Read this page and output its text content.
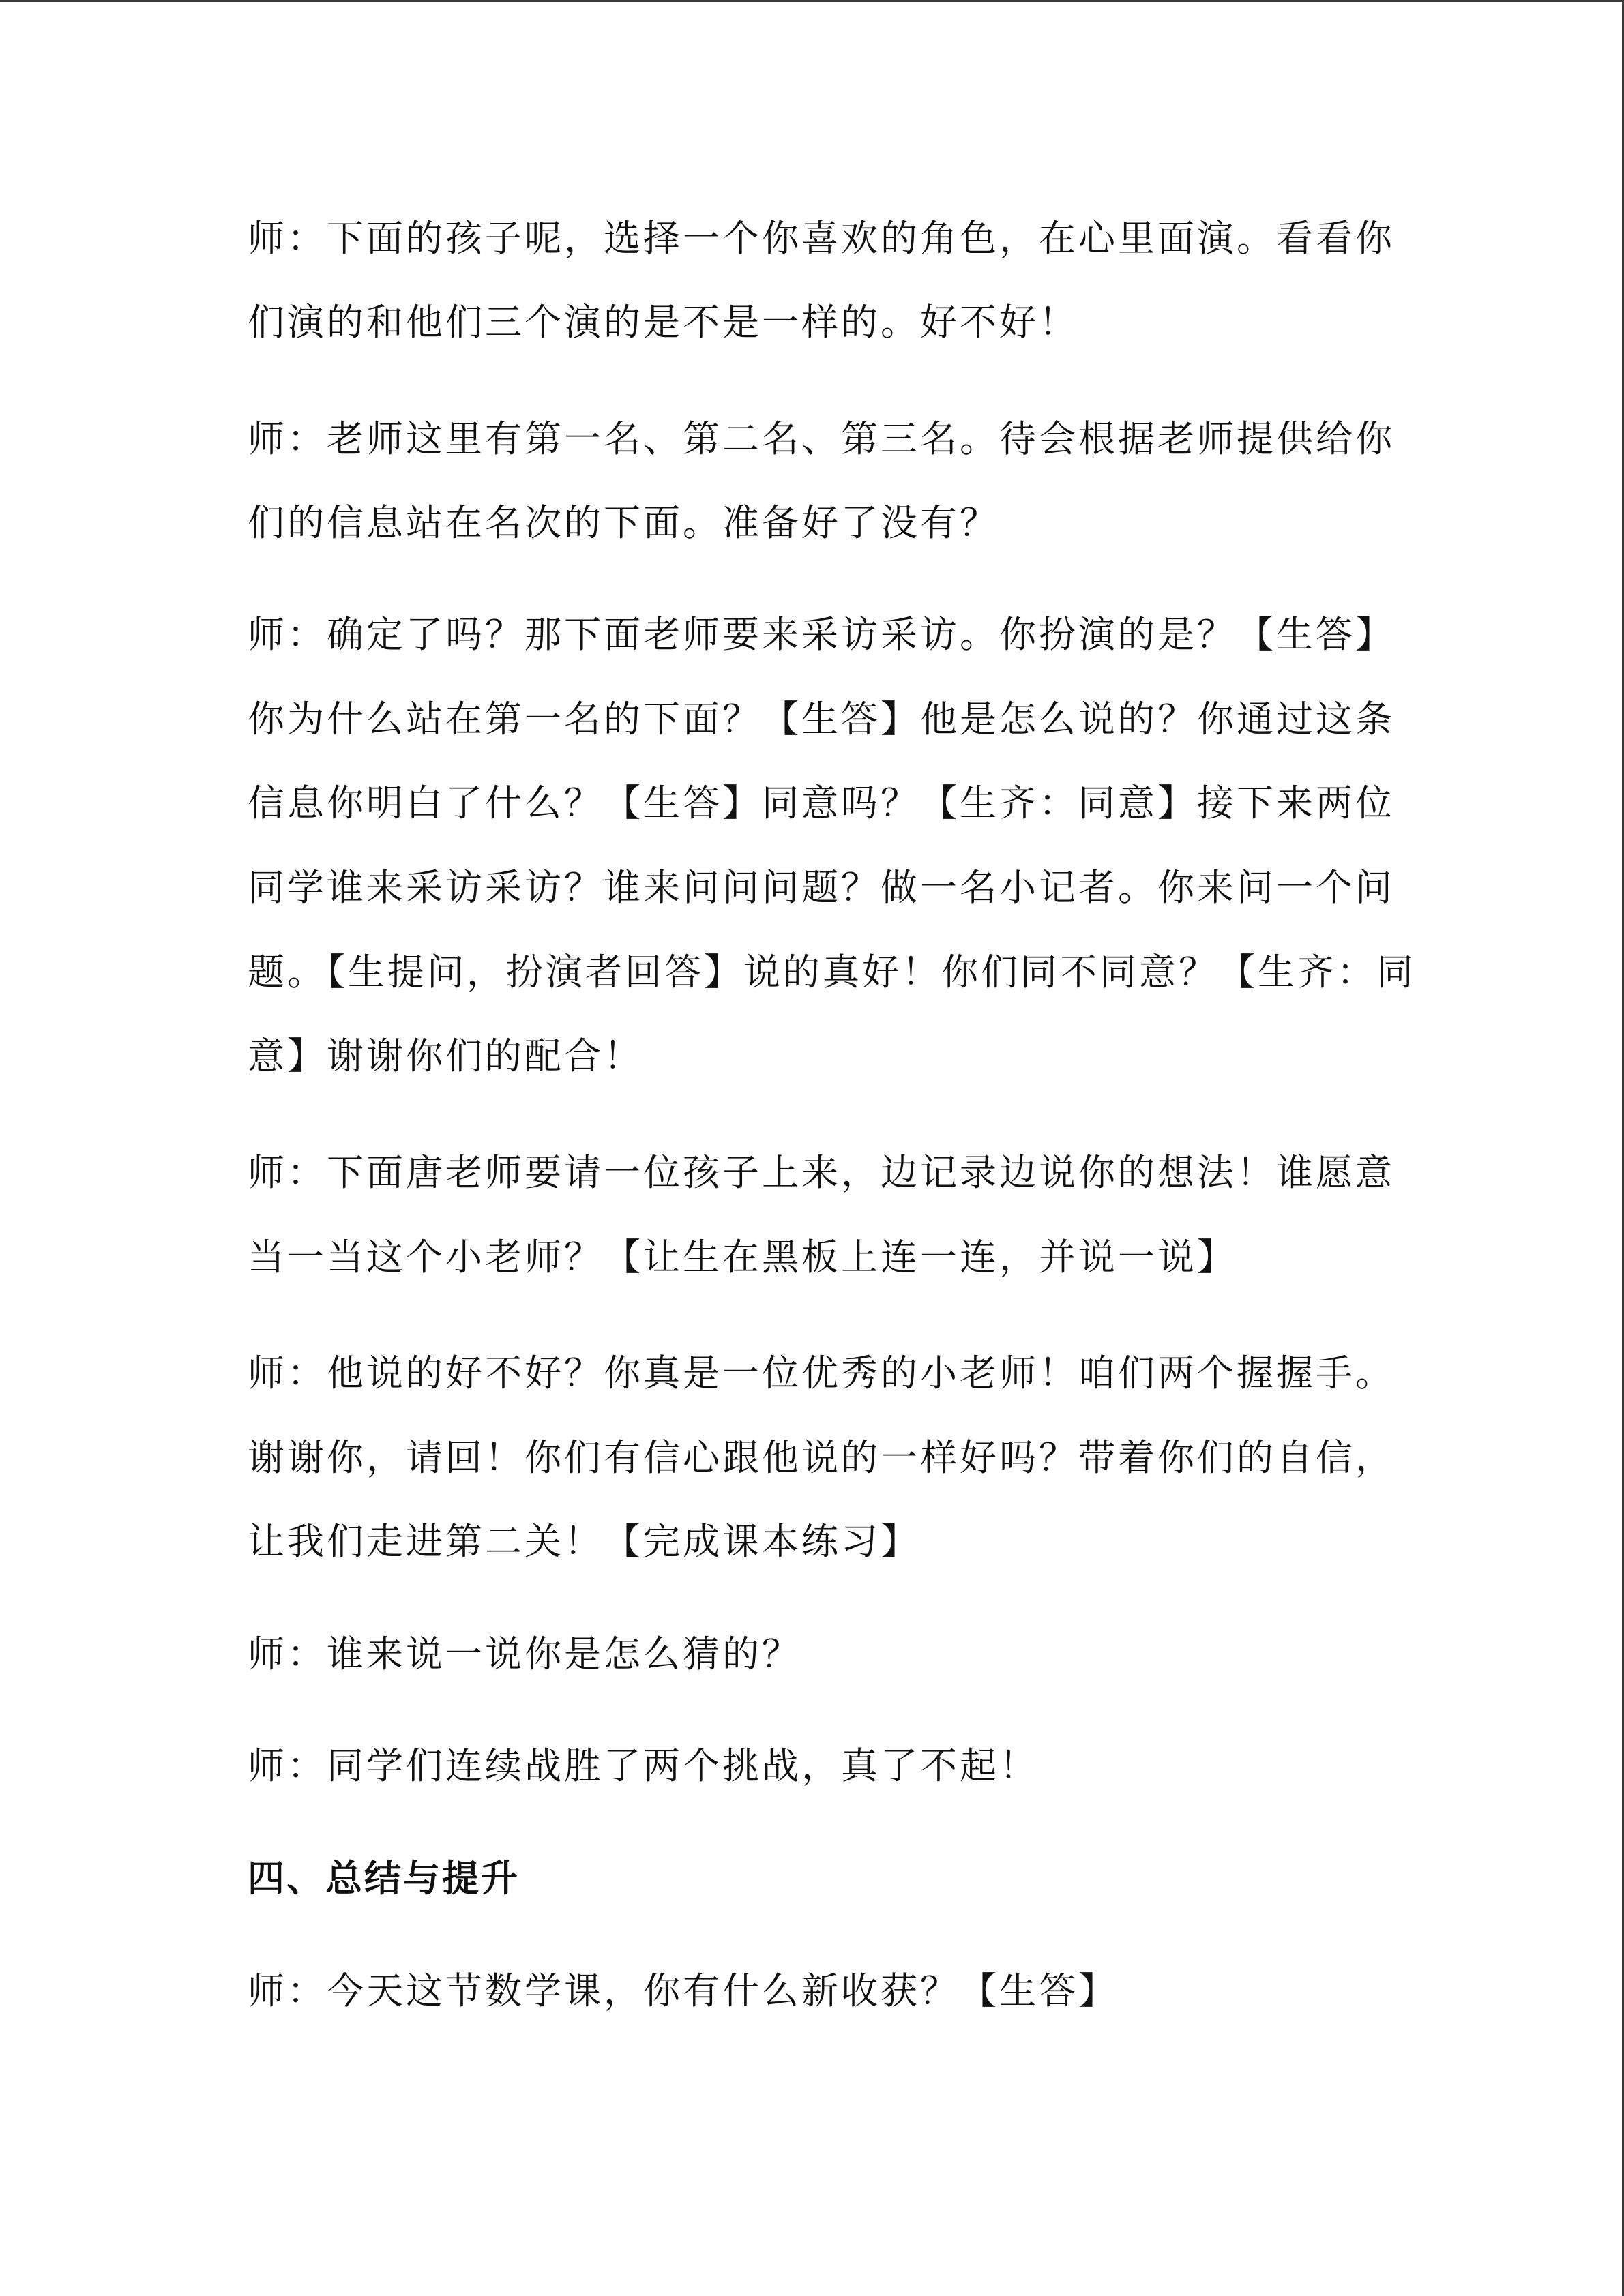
师：下面的孩子呢，选择一个你喜欢的角色，在心里面演。看看你

们演的和他们三个演的是不是一样的。好不好！

师：老师这里有第一名、第二名、第三名。待会根据老师提供给你

们的信息站在名次的下面。准备好了没有？

师：确定了吗？那下面老师要来采访采访。你扮演的是？【生答】

你为什么站在第一名的下面？【生答】他是怎么说的？你通过这条

信息你明白了什么？【生答】同意吗？【生齐：同意】接下来两位

同学谁来采访采访？谁来问问问题？做一名小记者。你来问一个问

题。【生提问，扮演者回答】说的真好！你们同不同意？【生齐：同

意】谢谢你们的配合！

师：下面唐老师要请一位孩子上来，边记录边说你的想法！谁愿意

当一当这个小老师？【让生在黑板上连一连，并说一说】

师：他说的好不好？你真是一位优秀的小老师！咱们两个握握手。

谢谢你，请回！你们有信心跟他说的一样好吗？带着你们的自信，

让我们走进第二关！【完成课本练习】

师：谁来说一说你是怎么猜的？

师：同学们连续战胜了两个挑战，真了不起！

四、总结与提升

师：今天这节数学课，你有什么新收获？【生答】
